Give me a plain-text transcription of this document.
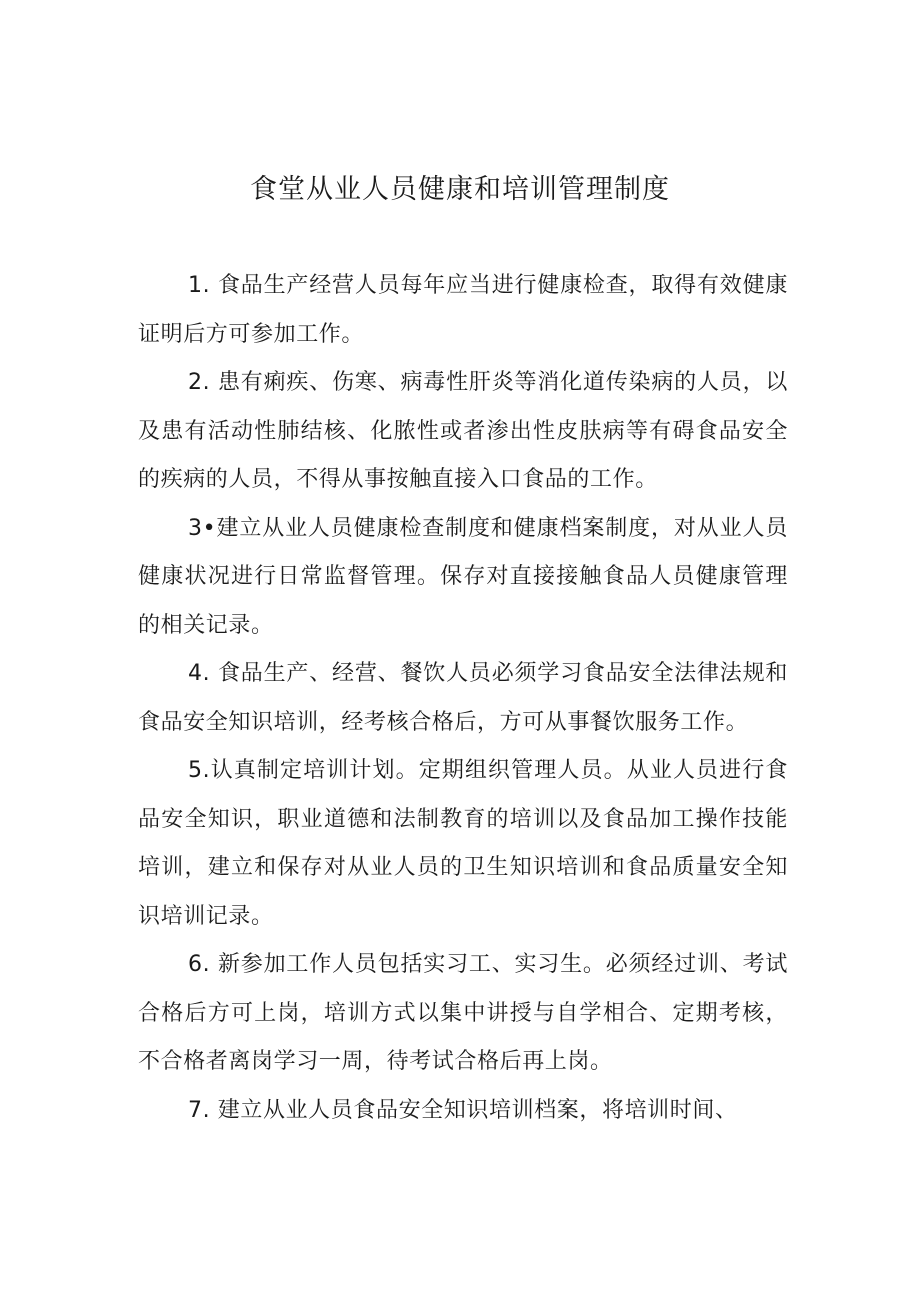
食堂从业人员健康和培训管理制度

1. 食品生产经营人员每年应当进行健康检查，取得有效健康证明后方可参加工作。

2. 患有痢疾、伤寒、病毒性肝炎等消化道传染病的人员，以及患有活动性肺结核、化脓性或者渗出性皮肤病等有碍食品安全的疾病的人员，不得从事按触直接入口食品的工作。

3•建立从业人员健康检查制度和健康档案制度，对从业人员健康状况进行日常监督管理。保存对直接接触食品人员健康管理的相关记录。

4. 食品生产、经营、餐饮人员必须学习食品安全法律法规和食品安全知识培训，经考核合格后，方可从事餐饮服务工作。

5.认真制定培训计划。定期组织管理人员。从业人员进行食品安全知识，职业道德和法制教育的培训以及食品加工操作技能培训，建立和保存对从业人员的卫生知识培训和食品质量安全知识培训记录。

6. 新参加工作人员包括实习工、实习生。必须经过训、考试合格后方可上岗，培训方式以集中讲授与自学相合、定期考核，不合格者离岗学习一周，待考试合格后再上岗。

7. 建立从业人员食品安全知识培训档案，将培训时间、
